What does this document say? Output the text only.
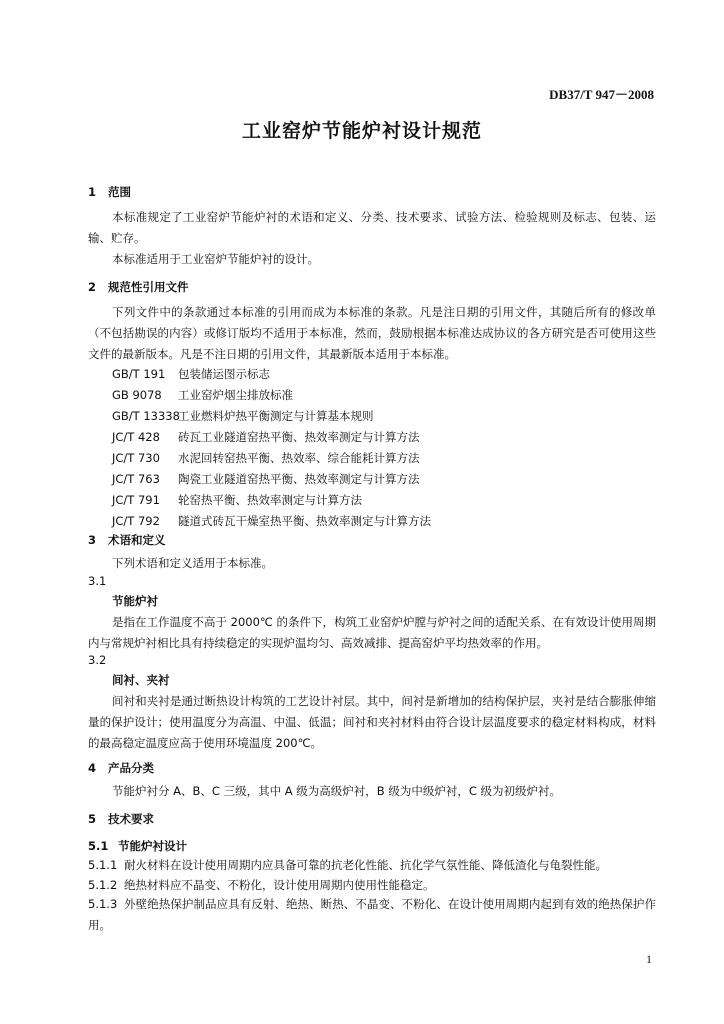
DB37/T 947－2008
工业窑炉节能炉衬设计规范
1 范围
本标准规定了工业窑炉节能炉衬的术语和定义、分类、技术要求、试验方法、检验规则及标志、包装、运输、贮存。
本标准适用于工业窑炉节能炉衬的设计。
2 规范性引用文件
下列文件中的条款通过本标准的引用而成为本标准的条款。凡是注日期的引用文件，其随后所有的修改单（不包括勘误的内容）或修订版均不适用于本标准，然而，鼓励根据本标准达成协议的各方研究是否可使用这些文件的最新版本。凡是不注日期的引用文件，其最新版本适用于本标准。
GB/T 191 包装储运图示标志
GB 9078 工业窑炉烟尘排放标准
GB/T 13338工业燃料炉热平衡测定与计算基本规则
JC/T 428 砖瓦工业隧道窑热平衡、热效率测定与计算方法
JC/T 730 水泥回转窑热平衡、热效率、综合能耗计算方法
JC/T 763 陶瓷工业隧道窑热平衡、热效率测定与计算方法
JC/T 791 轮窑热平衡、热效率测定与计算方法
JC/T 792 隧道式砖瓦干燥室热平衡、热效率测定与计算方法
3 术语和定义
下列术语和定义适用于本标准。
3.1
节能炉衬
是指在工作温度不高于 2000℃ 的条件下，构筑工业窑炉炉膛与炉衬之间的适配关系、在有效设计使用周期内与常规炉衬相比具有持续稳定的实现炉温均匀、高效减排、提高窑炉平均热效率的作用。
3.2
间衬、夹衬
间衬和夹衬是通过断热设计构筑的工艺设计衬层。其中，间衬是新增加的结构保护层，夹衬是结合膨胀伸缩量的保护设计；使用温度分为高温、中温、低温；间衬和夹衬材料由符合设计层温度要求的稳定材料构成，材料的最高稳定温度应高于使用环境温度 200℃。
4 产品分类
节能炉衬分 A、B、C 三级，其中 A 级为高级炉衬，B 级为中级炉衬，C 级为初级炉衬。
5 技术要求
5.1 节能炉衬设计
5.1.1 耐火材料在设计使用周期内应具备可靠的抗老化性能、抗化学气氛性能、降低渣化与龟裂性能。
5.1.2 绝热材料应不晶变、不粉化，设计使用周期内使用性能稳定。
5.1.3 外壁绝热保护制品应具有反射、绝热、断热、不晶变、不粉化、在设计使用周期内起到有效的绝热保护作用。
1
